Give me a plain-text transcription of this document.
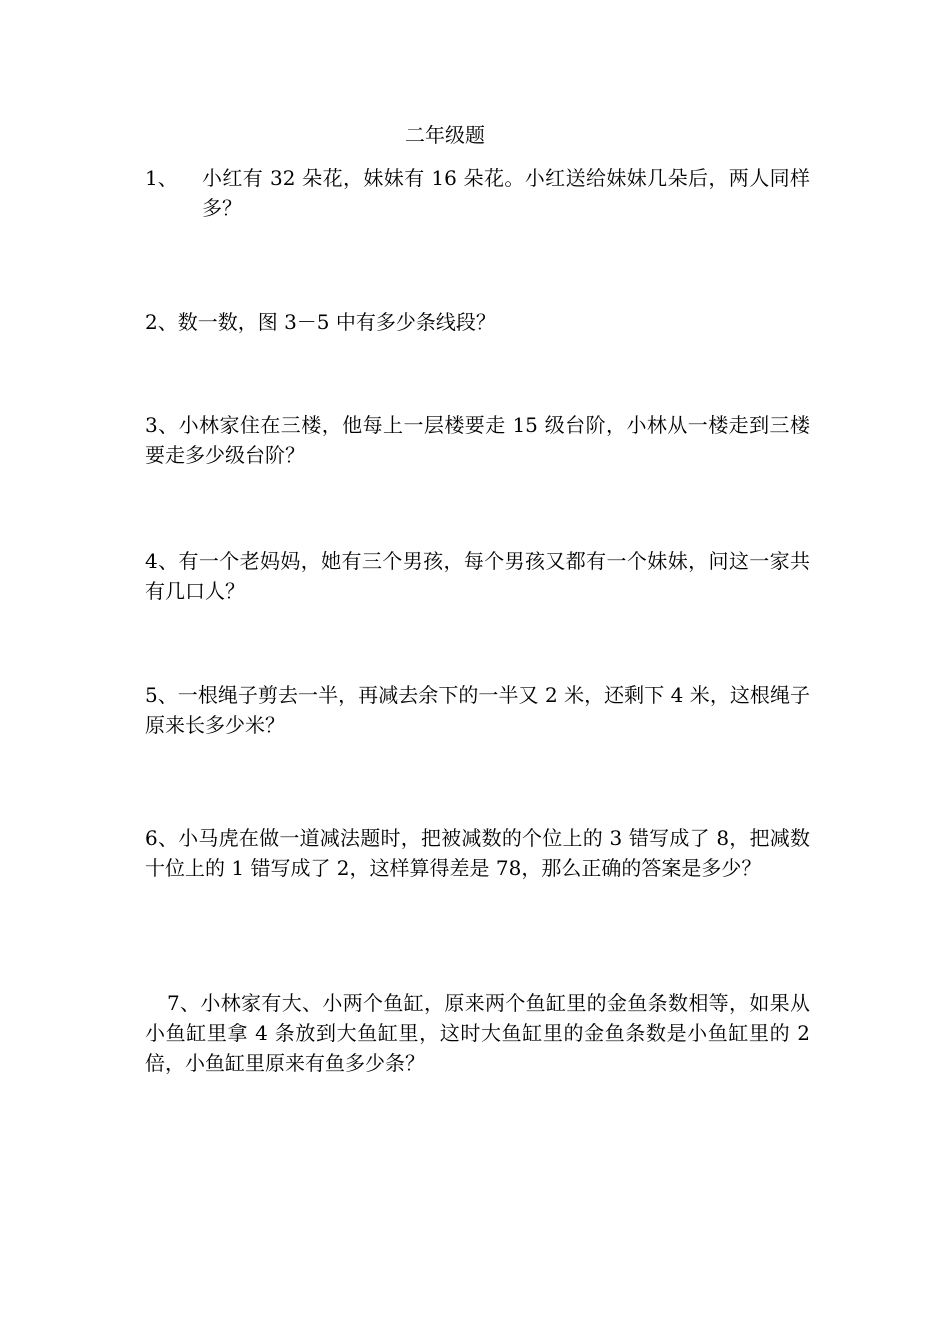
二年级题
1、	小红有 32 朵花，妹妹有 16 朵花。小红送给妹妹几朵后，两人同样多？
2、数一数，图 3－5 中有多少条线段？
3、小林家住在三楼，他每上一层楼要走 15 级台阶，小林从一楼走到三楼要走多少级台阶？
4、有一个老妈妈，她有三个男孩，每个男孩又都有一个妹妹，问这一家共有几口人？
5、一根绳子剪去一半，再减去余下的一半又 2 米，还剩下 4 米，这根绳子原来长多少米？
6、小马虎在做一道减法题时，把被减数的个位上的 3 错写成了 8，把减数十位上的 1 错写成了 2，这样算得差是 78，那么正确的答案是多少？
7、小林家有大、小两个鱼缸，原来两个鱼缸里的金鱼条数相等，如果从小鱼缸里拿 4 条放到大鱼缸里，这时大鱼缸里的金鱼条数是小鱼缸里的 2 倍，小鱼缸里原来有鱼多少条？
